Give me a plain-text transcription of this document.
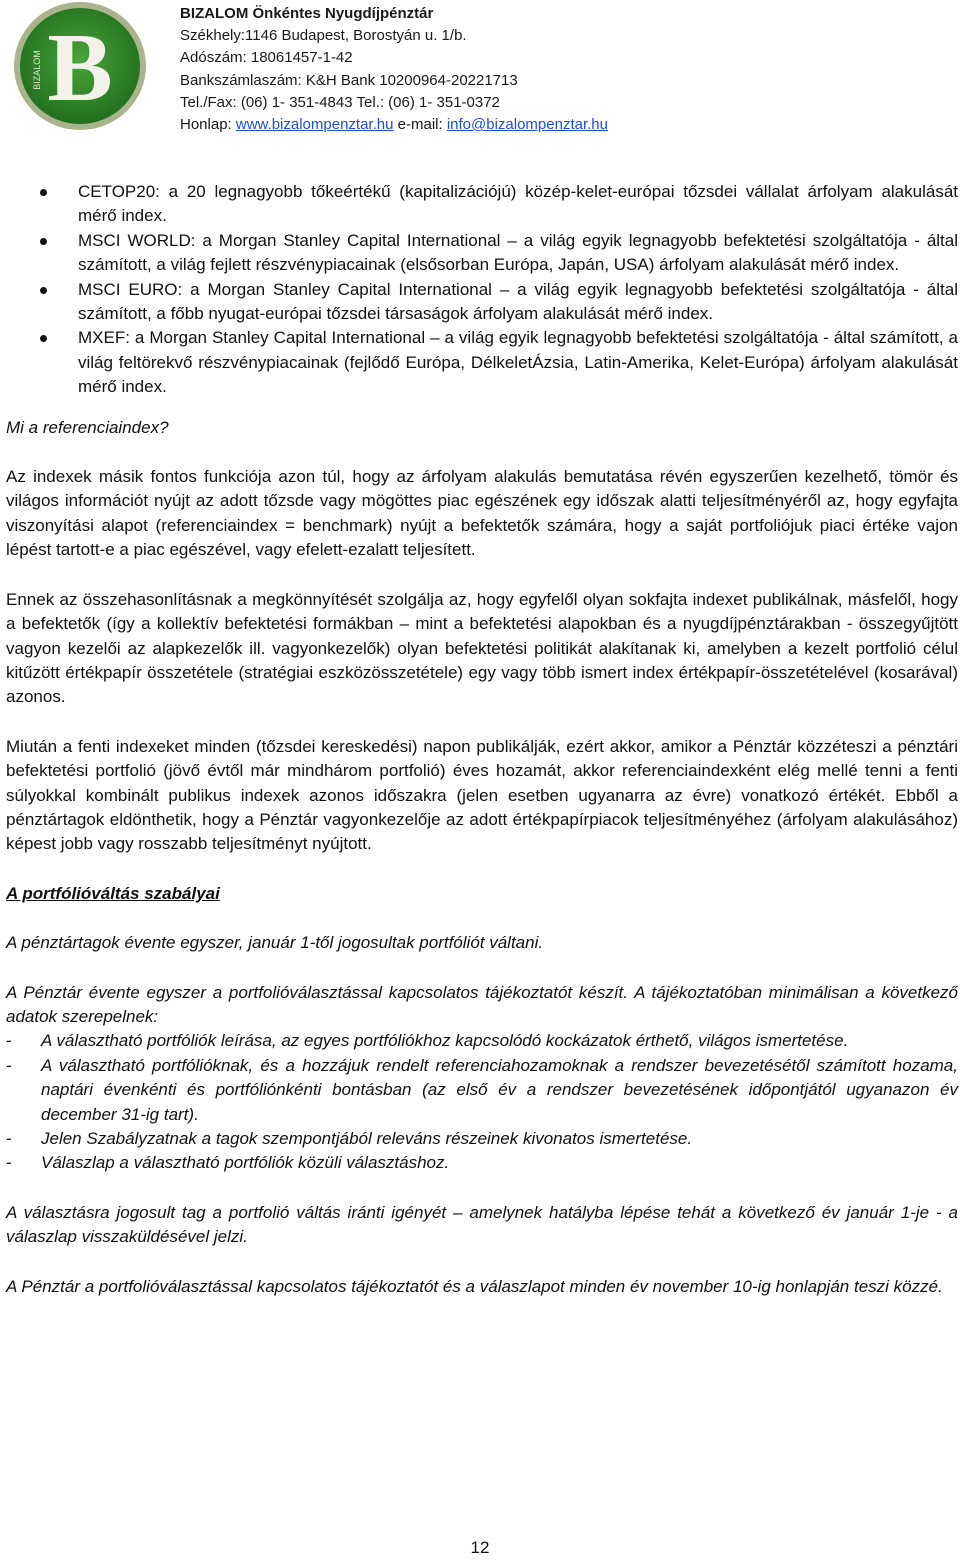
B
BIZALOM
BIZALOM Önkéntes Nyugdíjpénztár
Székhely:1146 Budapest, Borostyán u. 1/b.
Adószám: 18061457-1-42
Bankszámlaszám: K&H Bank 10200964-20221713
Tel./Fax: (06) 1- 351-4843 Tel.: (06) 1- 351-0372
Honlap: www.bizalompenztar.hu e-mail: info@bizalompenztar.hu
CETOP20: a 20 legnagyobb tőkeértékű (kapitalizációjú) közép-kelet-európai tőzsdei vállalat árfolyam alakulását mérő index.
MSCI WORLD: a Morgan Stanley Capital International – a világ egyik legnagyobb befektetési szolgáltatója - által számított, a világ fejlett részvénypiacainak (elsősorban Európa, Japán, USA) árfolyam alakulását mérő index.
MSCI EURO: a Morgan Stanley Capital International – a világ egyik legnagyobb befektetési szolgáltatója - által számított, a főbb nyugat-európai tőzsdei társaságok árfolyam alakulását mérő index.
MXEF: a Morgan Stanley Capital International – a világ egyik legnagyobb befektetési szolgáltatója - által számított, a világ feltörekvő részvénypiacainak (fejlődő Európa, DélkeletÁzsia, Latin-Amerika, Kelet-Európa) árfolyam alakulását mérő index.

Mi a referenciaindex?

Az indexek másik fontos funkciója azon túl, hogy az árfolyam alakulás bemutatása révén egyszerűen kezelhető, tömör és világos információt nyújt az adott tőzsde vagy mögöttes piac egészének egy időszak alatti teljesítményéről az, hogy egyfajta viszonyítási alapot (referenciaindex = benchmark) nyújt a befektetők számára, hogy a saját portfoliójuk piaci értéke vajon lépést tartott-e a piac egészével, vagy efelett-ezalatt teljesített.

Ennek az összehasonlításnak a megkönnyítését szolgálja az, hogy egyfelől olyan sokfajta indexet publikálnak, másfelől, hogy a befektetők (így a kollektív befektetési formákban – mint a befektetési alapokban és a nyugdíjpénztárakban - összegyűjtött vagyon kezelői az alapkezelők ill. vagyonkezelők) olyan befektetési politikát alakítanak ki, amelyben a kezelt portfolió célul kitűzött értékpapír összetétele (stratégiai eszközösszetétele) egy vagy több ismert index értékpapír-összetételével (kosarával) azonos.

Miután a fenti indexeket minden (tőzsdei kereskedési) napon publikálják, ezért akkor, amikor a Pénztár közzéteszi a pénztári befektetési portfolió (jövő évtől már mindhárom portfolió) éves hozamát, akkor referenciaindexként elég mellé tenni a fenti súlyokkal kombinált publikus indexek azonos időszakra (jelen esetben ugyanarra az évre) vonatkozó értékét. Ebből a pénztártagok eldönthetik, hogy a Pénztár vagyonkezelője az adott értékpapírpiacok teljesítményéhez (árfolyam alakulásához) képest jobb vagy rosszabb teljesítményt nyújtott.

A portfólióváltás szabályai

A pénztártagok évente egyszer, január 1-től jogosultak portfóliót váltani.

A Pénztár évente egyszer a portfolióválasztással kapcsolatos tájékoztatót készít. A tájékoztatóban minimálisan a következő adatok szerepelnek:

- A választható portfóliók leírása, az egyes portfóliókhoz kapcsolódó kockázatok érthető, világos ismertetése.
- A választható portfólióknak, és a hozzájuk rendelt referenciahozamoknak a rendszer bevezetésétől számított hozama, naptári évenkénti és portfóliónkénti bontásban (az első év a rendszer bevezetésének időpontjától ugyanazon év december 31-ig tart).
- Jelen Szabályzatnak a tagok szempontjából releváns részeinek kivonatos ismertetése.
- Válaszlap a választható portfóliók közüli választáshoz.

A választásra jogosult tag a portfolió váltás iránti igényét – amelynek hatályba lépése tehát a következő év január 1-je - a válaszlap visszaküldésével jelzi.

A Pénztár a portfolióválasztással kapcsolatos tájékoztatót és a válaszlapot minden év november 10-ig honlapján teszi közzé.

12
